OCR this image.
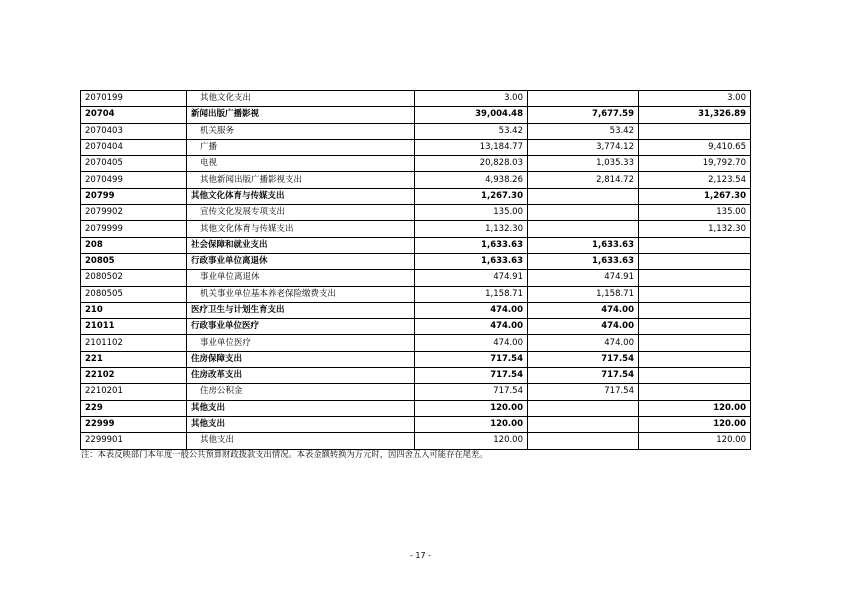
2070199	其他文化支出	3.00		3.00
20704	新闻出版广播影视	39,004.48	7,677.59	31,326.89
2070403	机关服务	53.42	53.42	
2070404	广播	13,184.77	3,774.12	9,410.65
2070405	电视	20,828.03	1,035.33	19,792.70
2070499	其他新闻出版广播影视支出	4,938.26	2,814.72	2,123.54
20799	其他文化体育与传媒支出	1,267.30		1,267.30
2079902	宣传文化发展专项支出	135.00		135.00
2079999	其他文化体育与传媒支出	1,132.30		1,132.30
208	社会保障和就业支出	1,633.63	1,633.63	
20805	行政事业单位离退休	1,633.63	1,633.63	
2080502	事业单位离退休	474.91	474.91	
2080505	机关事业单位基本养老保险缴费支出	1,158.71	1,158.71	
210	医疗卫生与计划生育支出	474.00	474.00	
21011	行政事业单位医疗	474.00	474.00	
2101102	事业单位医疗	474.00	474.00	
221	住房保障支出	717.54	717.54	
22102	住房改革支出	717.54	717.54	
2210201	住房公积金	717.54	717.54	
229	其他支出	120.00		120.00
22999	其他支出	120.00		120.00
2299901	其他支出	120.00		120.00
注：本表反映部门本年度一般公共预算财政拨款支出情况。本表金额转换为万元时，因四舍五入可能存在尾差。
- 17 -
